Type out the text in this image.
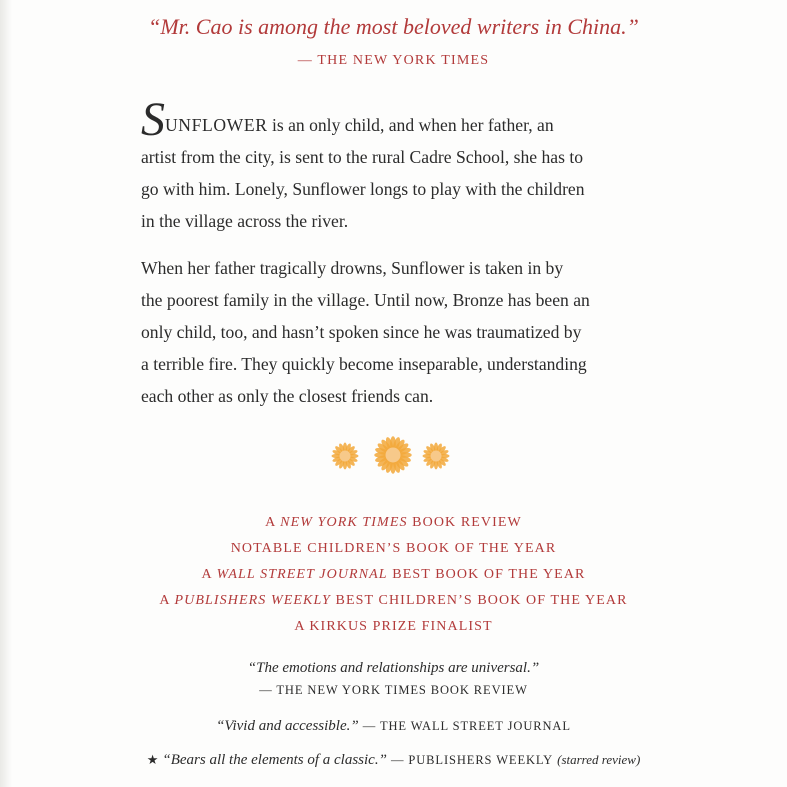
“Mr. Cao is among the most beloved writers in China.”
— THE NEW YORK TIMES
SUNFLOWER is an only child, and when her father, an
artist from the city, is sent to the rural Cadre School, she has to
go with him. Lonely, Sunflower longs to play with the children
in the village across the river.
When her father tragically drowns, Sunflower is taken in by
the poorest family in the village. Until now, Bronze has been an
only child, too, and hasn’t spoken since he was traumatized by
a terrible fire. They quickly become inseparable, understanding
each other as only the closest friends can.
A NEW YORK TIMES BOOK REVIEW
NOTABLE CHILDREN’S BOOK OF THE YEAR
A WALL STREET JOURNAL BEST BOOK OF THE YEAR
A PUBLISHERS WEEKLY BEST CHILDREN’S BOOK OF THE YEAR
A KIRKUS PRIZE FINALIST
“The emotions and relationships are universal.”
— THE NEW YORK TIMES BOOK REVIEW
“Vivid and accessible.” — THE WALL STREET JOURNAL
★ “Bears all the elements of a classic.” — PUBLISHERS WEEKLY (starred review)
